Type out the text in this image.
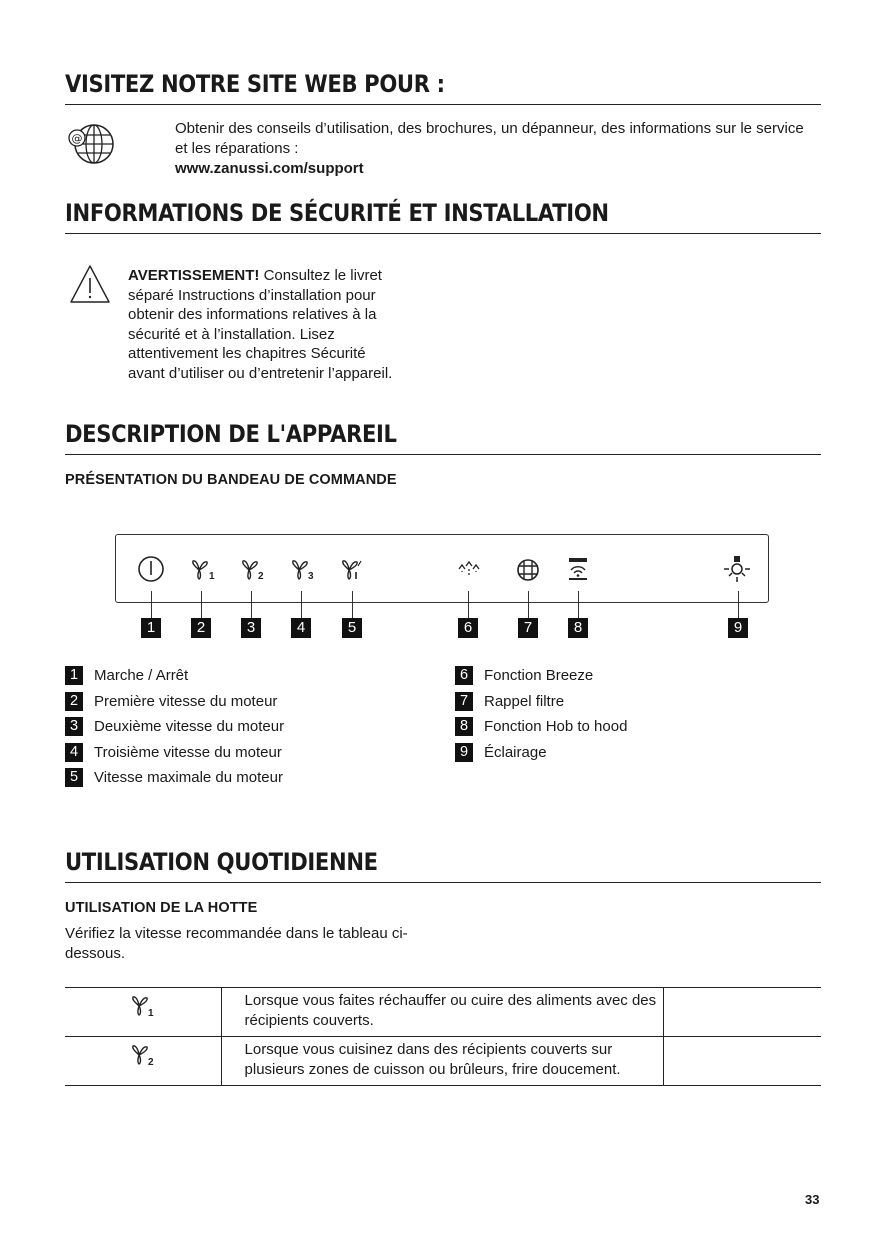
VISITEZ NOTRE SITE WEB POUR :
@

Obtenir des conseils d’utilisation, des brochures, un dépanneur, des informations sur le service et les réparations :

www.zanussi.com/support

INFORMATIONS DE SÉCURITÉ ET INSTALLATION

AVERTISSEMENT! Consultez le livret séparé Instructions d’installation pour obtenir des informations relatives à la sécurité et à l’installation. Lisez attentivement les chapitres Sécurité avant d’utiliser ou d’entretenir l’appareil.

DESCRIPTION DE L'APPAREIL
PRÉSENTATION DU BANDEAU DE COMMANDE
1	2	3
1	2	3	4	5	6	7	8	9
1	Marche / Arrêt
2	Première vitesse du moteur
3	Deuxième vitesse du moteur
4	Troisième vitesse du moteur
5	Vitesse maximale du moteur
6	Fonction Breeze
7	Rappel filtre
8	Fonction Hob to hood
9	Éclairage
UTILISATION QUOTIDIENNE
UTILISATION DE LA HOTTE

Vérifiez la vitesse recommandée dans le tableau ci-dessous.

1	Lorsque vous faites réchauffer ou cuire des aliments avec des récipients couverts.	

2	Lorsque vous cuisinez dans des récipients couverts sur plusieurs zones de cuisson ou brûleurs, frire doucement.	
33
